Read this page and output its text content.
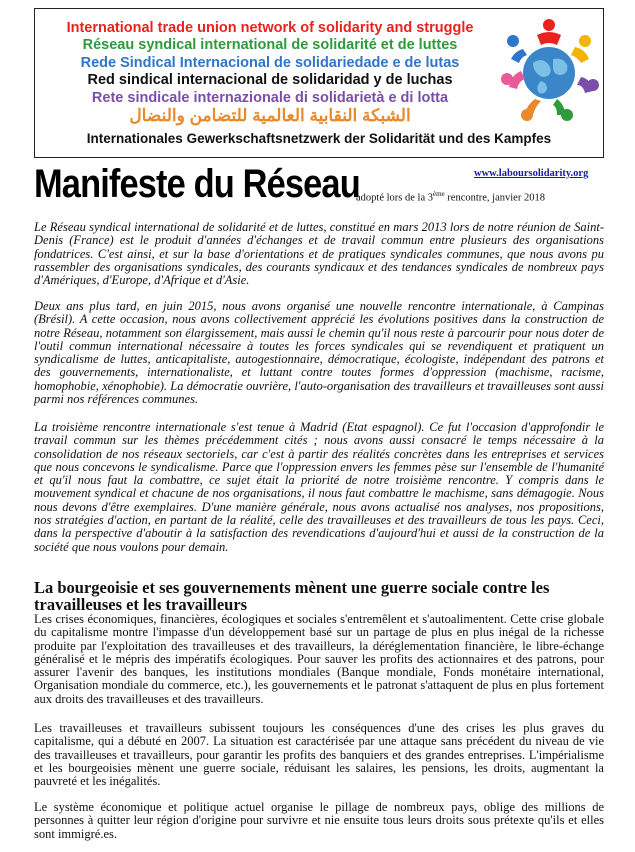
International trade union network of solidarity and struggle
Réseau syndical international de solidarité et de luttes
Rede Sindical Internacional de solidariedade e de lutas
Red sindical internacional de solidaridad y de luchas
Rete sindicale internazionale di solidarietà e di lotta
الشبكة النقابية العالمية للتضامن والنضال
Internationales Gewerkschaftsnetzwerk der Solidarität und des Kampfes
Manifeste du Réseau	www.laboursolidarity.org
adopté lors de la 3ème rencontre, janvier 2018

Le Réseau syndical international de solidarité et de luttes, constitué en mars 2013 lors de notre réunion de Saint-Denis (France) est le produit d'années d'échanges et de travail commun entre plusieurs des organisations fondatrices. C'est ainsi, et sur la base d'orientations et de pratiques syndicales communes, que nous avons pu rassembler des organisations syndicales, des courants syndicaux et des tendances syndicales de nombreux pays d'Amériques, d'Europe, d'Afrique et d'Asie.

Deux ans plus tard, en juin 2015, nous avons organisé une nouvelle rencontre internationale, à Campinas (Brésil). A cette occasion, nous avons collectivement apprécié les évolutions positives dans la construction de notre Réseau, notamment son élargissement, mais aussi le chemin qu'il nous reste à parcourir pour nous doter de l'outil commun international nécessaire à toutes les forces syndicales qui se revendiquent et pratiquent un syndicalisme de luttes, anticapitaliste, autogestionnaire, démocratique, écologiste, indépendant des patrons et des gouvernements, internationaliste, et luttant contre toutes formes d'oppression (machisme, racisme, homophobie, xénophobie). La démocratie ouvrière, l'auto-organisation des travailleurs et travailleuses sont aussi parmi nos références communes.

La troisième rencontre internationale s'est tenue à Madrid (Etat espagnol). Ce fut l'occasion d'approfondir le travail commun sur les thèmes précédemment cités ; nous avons aussi consacré le temps nécessaire à la consolidation de nos réseaux sectoriels, car c'est à partir des réalités concrètes dans les entreprises et services que nous concevons le syndicalisme. Parce que l'oppression envers les femmes pèse sur l'ensemble de l'humanité et qu'il nous faut la combattre, ce sujet était la priorité de notre troisième rencontre. Y compris dans le mouvement syndical et chacune de nos organisations, il nous faut combattre le machisme, sans démagogie. Nous nous devons d'être exemplaires. D'une manière générale, nous avons actualisé nos analyses, nos propositions, nos stratégies d'action, en partant de la réalité, celle des travailleuses et des travailleurs de tous les pays. Ceci, dans la perspective d'aboutir à la satisfaction des revendications d'aujourd'hui et aussi de la construction de la société que nous voulons pour demain.

La bourgeoisie et ses gouvernements mènent une guerre sociale contre les travailleuses et les travailleurs

Les crises économiques, financières, écologiques et sociales s'entremêlent et s'autoalimentent. Cette crise globale du capitalisme montre l'impasse d'un développement basé sur un partage de plus en plus inégal de la richesse produite par l'exploitation des travailleuses et des travailleurs, la déréglementation financière, le libre-échange généralisé et le mépris des impératifs écologiques. Pour sauver les profits des actionnaires et des patrons, pour assurer l'avenir des banques, les institutions mondiales (Banque mondiale, Fonds monétaire international, Organisation mondiale du commerce, etc.), les gouvernements et le patronat s'attaquent de plus en plus fortement aux droits des travailleuses et des travailleurs.

Les travailleuses et travailleurs subissent toujours les conséquences d'une des crises les plus graves du capitalisme, qui a débuté en 2007. La situation est caractérisée par une attaque sans précédent du niveau de vie des travailleuses et travailleurs, pour garantir les profits des banquiers et des grandes entreprises. L'impérialisme et les bourgeoisies mènent une guerre sociale, réduisant les salaires, les pensions, les droits, augmentant la pauvreté et les inégalités.

Le système économique et politique actuel organise le pillage de nombreux pays, oblige des millions de personnes à quitter leur région d'origine pour survivre et nie ensuite tous leurs droits sous prétexte qu'ils et elles sont immigré.es.
